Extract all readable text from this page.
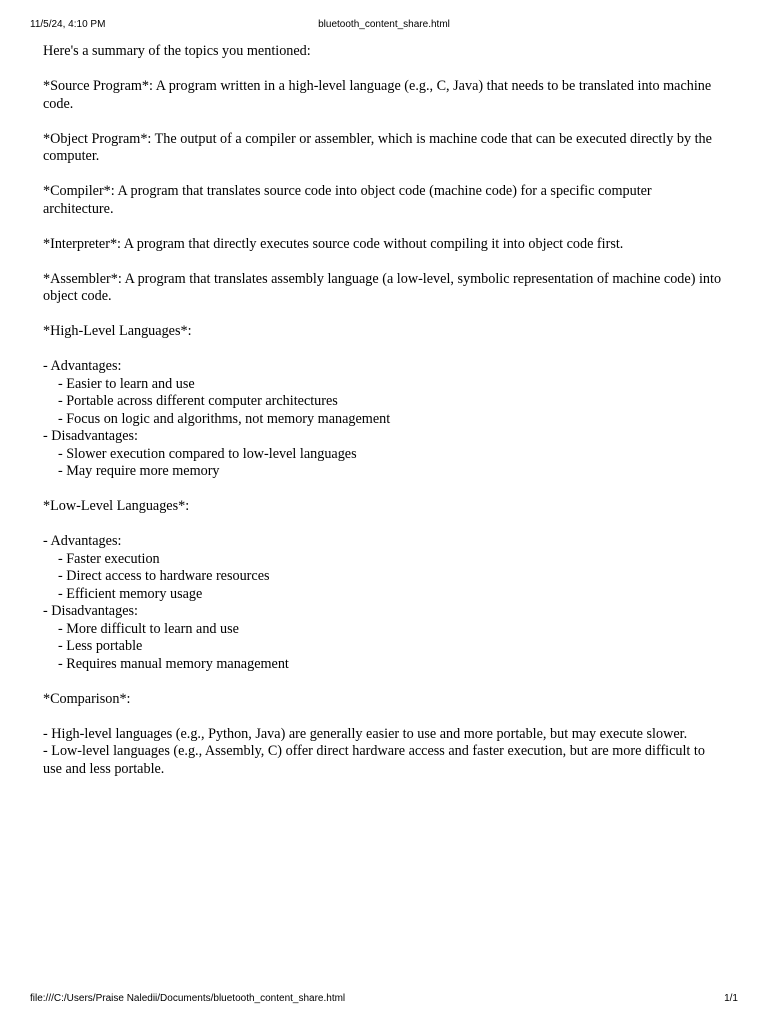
11/5/24, 4:10 PM	bluetooth_content_share.html

Here's a summary of the topics you mentioned:

*Source Program*: A program written in a high-level language (e.g., C, Java) that needs to be translated into machine code.

*Object Program*: The output of a compiler or assembler, which is machine code that can be executed directly by the computer.

*Compiler*: A program that translates source code into object code (machine code) for a specific computer architecture.

*Interpreter*: A program that directly executes source code without compiling it into object code first.

*Assembler*: A program that translates assembly language (a low-level, symbolic representation of machine code) into object code.

*High-Level Languages*:

- Advantages:
- Easier to learn and use
- Portable across different computer architectures
- Focus on logic and algorithms, not memory management
- Disadvantages:
- Slower execution compared to low-level languages
- May require more memory

*Low-Level Languages*:

- Advantages:
- Faster execution
- Direct access to hardware resources
- Efficient memory usage
- Disadvantages:
- More difficult to learn and use
- Less portable
- Requires manual memory management

*Comparison*:

- High-level languages (e.g., Python, Java) are generally easier to use and more portable, but may execute slower.
- Low-level languages (e.g., Assembly, C) offer direct hardware access and faster execution, but are more difficult to use and less portable.

file:///C:/Users/Praise Naledii/Documents/bluetooth_content_share.html	1/1
